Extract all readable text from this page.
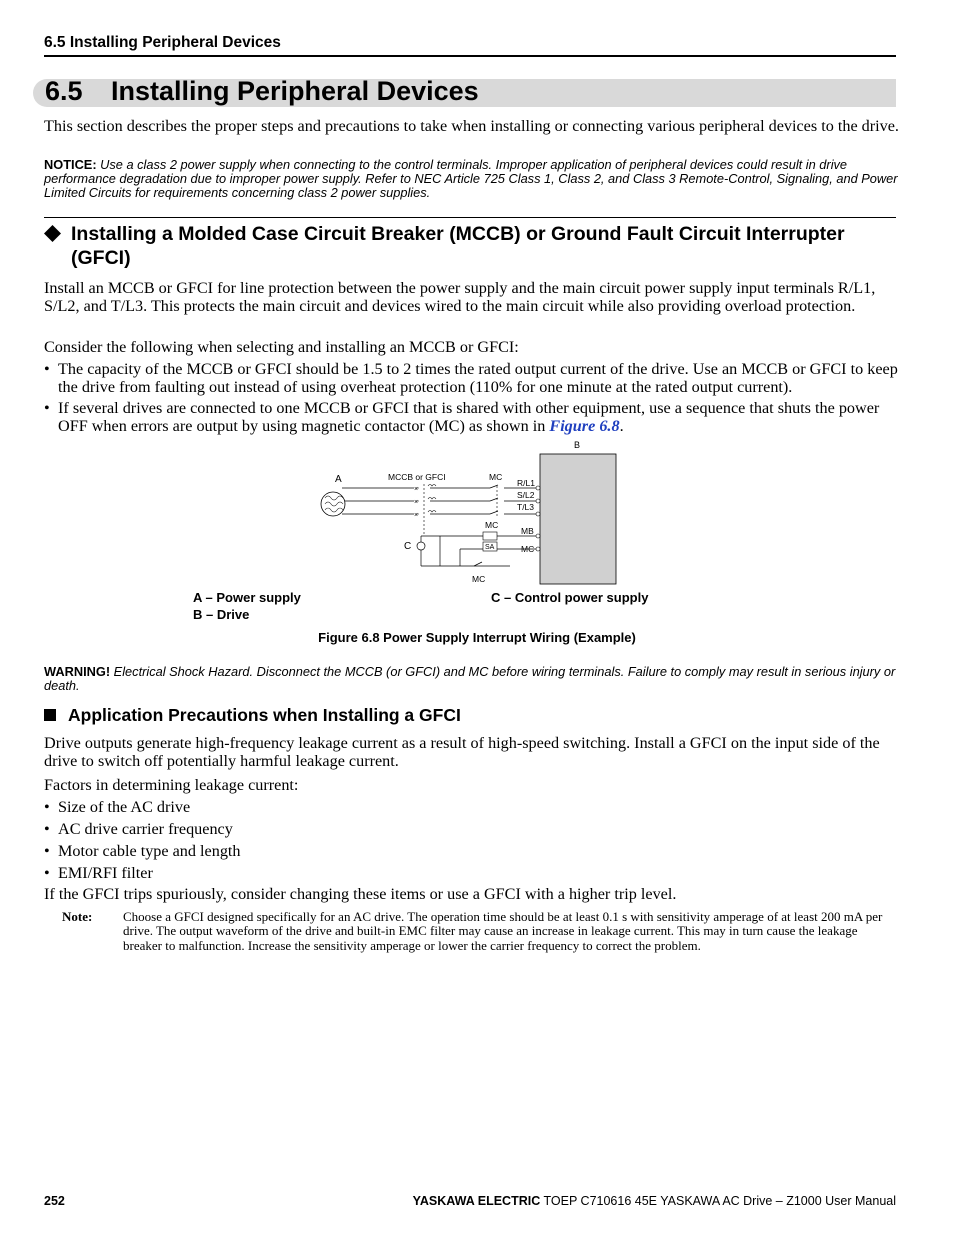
6.5 Installing Peripheral Devices
6.5 Installing Peripheral Devices
This section describes the proper steps and precautions to take when installing or connecting various peripheral devices to the drive.
NOTICE: Use a class 2 power supply when connecting to the control terminals. Improper application of peripheral devices could result in drive performance degradation due to improper power supply. Refer to NEC Article 725 Class 1, Class 2, and Class 3 Remote-Control, Signaling, and Power Limited Circuits for requirements concerning class 2 power supplies.
Installing a Molded Case Circuit Breaker (MCCB) or Ground Fault Circuit Interrupter (GFCI)
Install an MCCB or GFCI for line protection between the power supply and the main circuit power supply input terminals R/L1, S/L2, and T/L3. This protects the main circuit and devices wired to the main circuit while also providing overload protection.
Consider the following when selecting and installing an MCCB or GFCI:
• The capacity of the MCCB or GFCI should be 1.5 to 2 times the rated output current of the drive. Use an MCCB or GFCI to keep the drive from faulting out instead of using overheat protection (110% for one minute at the rated output current).
• If several drives are connected to one MCCB or GFCI that is shared with other equipment, use a sequence that shuts the power OFF when errors are output by using magnetic contactor (MC) as shown in Figure 6.8.
A	MCCB or GFCI
×
×
×
MC
B
R/L1
S/L2
T/L3
MC
MB
MC
SA
C
MC
A – Power supply
B – Drive
C – Control power supply
Figure 6.8 Power Supply Interrupt Wiring (Example)
WARNING! Electrical Shock Hazard. Disconnect the MCCB (or GFCI) and MC before wiring terminals. Failure to comply may result in serious injury or death.
Application Precautions when Installing a GFCI
Drive outputs generate high-frequency leakage current as a result of high-speed switching. Install a GFCI on the input side of the drive to switch off potentially harmful leakage current.
Factors in determining leakage current:
• Size of the AC drive
• AC drive carrier frequency
• Motor cable type and length
• EMI/RFI filter
If the GFCI trips spuriously, consider changing these items or use a GFCI with a higher trip level.
Note:	Choose a GFCI designed specifically for an AC drive. The operation time should be at least 0.1 s with sensitivity amperage of at least 200 mA per drive. The output waveform of the drive and built-in EMC filter may cause an increase in leakage current. This may in turn cause the leakage breaker to malfunction. Increase the sensitivity amperage or lower the carrier frequency to correct the problem.
252	YASKAWA ELECTRIC TOEP C710616 45E YASKAWA AC Drive – Z1000 User Manual
